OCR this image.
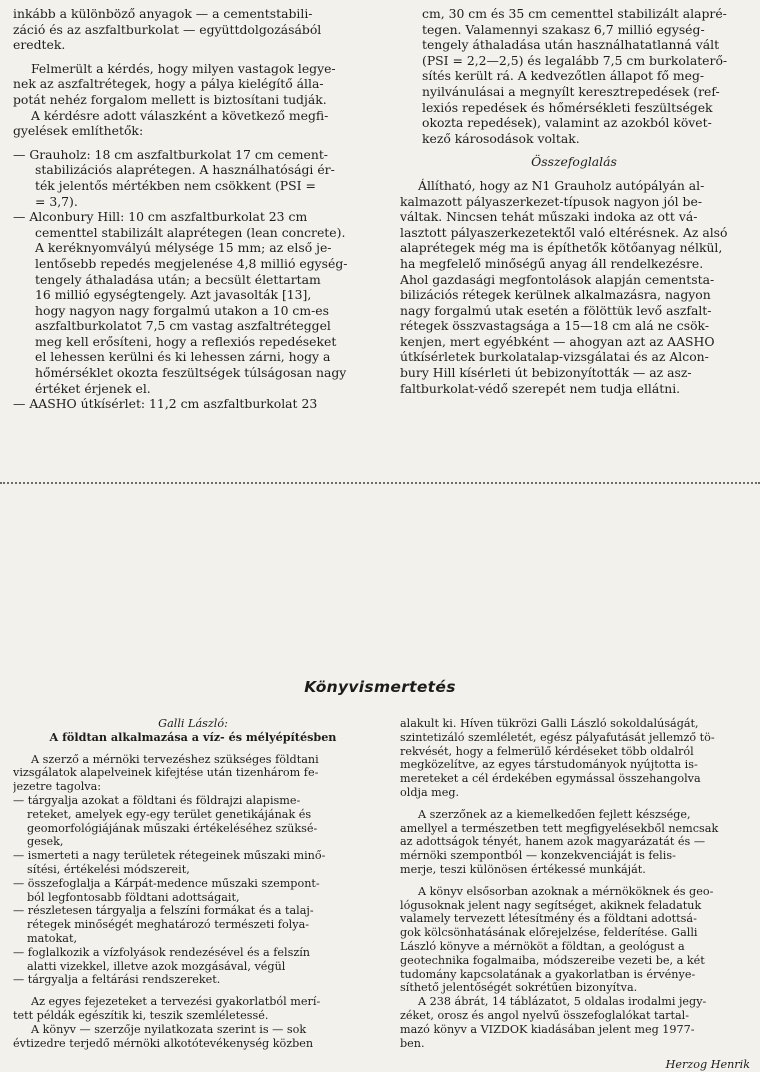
inkább a különböző anyagok — a cementstabili-
záció és az aszfaltburkolat — együttdolgozásából
eredtek.
Felmerült a kérdés, hogy milyen vastagok legye-
nek az aszfaltrétegek, hogy a pálya kielégítő álla-
potát nehéz forgalom mellett is biztosítani tudják.
A kérdésre adott válaszként a következő megfi-
gyelések említhetők:
— Grauholz: 18 cm aszfaltburkolat 17 cm cement-
stabilizációs alaprétegen. A használhatósági ér-
ték jelentős mértékben nem csökkent (PSI =
= 3,7).
— Alconbury Hill: 10 cm aszfaltburkolat 23 cm
cementtel stabilizált alaprétegen (lean concrete).
A keréknyomvályú mélysége 15 mm; az első je-
lentősebb repedés megjelenése 4,8 millió egység-
tengely áthaladása után; a becsült élettartam
16 millió egységtengely. Azt javasolták [13],
hogy nagyon nagy forgalmú utakon a 10 cm-es
aszfaltburkolatot 7,5 cm vastag aszfaltréteggel
meg kell erősíteni, hogy a reflexiós repedéseket
el lehessen kerülni és ki lehessen zárni, hogy a
hőmérséklet okozta feszültségek túlságosan nagy
értéket érjenek el.
— AASHO útkísérlet: 11,2 cm aszfaltburkolat 23
cm, 30 cm és 35 cm cementtel stabilizált alapré-
tegen. Valamennyi szakasz 6,7 millió egység-
tengely áthaladása után használhatatlanná vált
(PSI = 2,2—2,5) és legalább 7,5 cm burkolaterő-
sítés került rá. A kedvezőtlen állapot fő meg-
nyilvánulásai a megnyílt keresztrepedések (ref-
lexiós repedések és hőmérsékleti feszültségek
okozta repedések), valamint az azokból követ-
kező károsodások voltak.
Összefoglalás
Állítható, hogy az N1 Grauholz autópályán al-
kalmazott pályaszerkezet-típusok nagyon jól be-
váltak. Nincsen tehát műszaki indoka az ott vá-
lasztott pályaszerkezetektől való eltérésnek. Az alsó
alaprétegek még ma is építhetők kötőanyag nélkül,
ha megfelelő minőségű anyag áll rendelkezésre.
Ahol gazdasági megfontolások alapján cementsta-
bilizációs rétegek kerülnek alkalmazásra, nagyon
nagy forgalmú utak esetén a fölöttük levő aszfalt-
rétegek összvastagsága a 15—18 cm alá ne csök-
kenjen, mert egyébként — ahogyan azt az AASHO
útkísérletek burkolatalap-vizsgálatai és az Alcon-
bury Hill kísérleti út bebizonyították — az asz-
faltburkolat-védő szerepét nem tudja ellátni.
Könyvismertetés
Galli László:
A földtan alkalmazása a víz- és mélyépítésben
A szerző a mérnöki tervezéshez szükséges földtani
vizsgálatok alapelveinek kifejtése után tizenhárom fe-
jezetre tagolva:
— tárgyalja azokat a földtani és földrajzi alapisme-
reteket, amelyek egy-egy terület genetikájának és
geomorfológiájának műszaki értékeléséhez szüksé-
gesek,
— ismerteti a nagy területek rétegeinek műszaki minő-
sítési, értékelési módszereit,
— összefoglalja a Kárpát-medence műszaki szempont-
ból legfontosabb földtani adottságait,
— részletesen tárgyalja a felszíni formákat és a talaj-
rétegek minőségét meghatározó természeti folya-
matokat,
— foglalkozik a vízfolyások rendezésével és a felszín
alatti vizekkel, illetve azok mozgásával, végül
— tárgyalja a feltárási rendszereket.
Az egyes fejezeteket a tervezési gyakorlatból merí-
tett példák egészítik ki, teszik szemléletessé.
A könyv — szerzője nyilatkozata szerint is — sok
évtizedre terjedő mérnöki alkotótevékenység közben
alakult ki. Híven tükrözi Galli László sokoldalúságát,
szintetizáló szemléletét, egész pályafutását jellemző tö-
rekvését, hogy a felmerülő kérdéseket több oldalról
megközelítve, az egyes társtudományok nyújtotta is-
mereteket a cél érdekében egymással összehangolva
oldja meg.
A szerzőnek az a kiemelkedően fejlett készsége,
amellyel a természetben tett megfigyelésekből nemcsak
az adottságok tényét, hanem azok magyarázatát és —
mérnöki szempontból — konzekvenciáját is felis-
merje, teszi különösen értékessé munkáját.
A könyv elsősorban azoknak a mérnököknek és geo-
lógusoknak jelent nagy segítséget, akiknek feladatuk
valamely tervezett létesítmény és a földtani adottsá-
gok kölcsönhatásának előrejelzése, felderítése. Galli
László könyve a mérnököt a földtan, a geológust a
geotechnika fogalmaiba, módszereibe vezeti be, a két
tudomány kapcsolatának a gyakorlatban is érvénye-
síthető jelentőségét sokrétűen bizonyítva.
A 238 ábrát, 14 táblázatot, 5 oldalas irodalmi jegy-
zéket, orosz és angol nyelvű összefoglalókat tartal-
mazó könyv a VIZDOK kiadásában jelent meg 1977-
ben.
Herzog Henrik
